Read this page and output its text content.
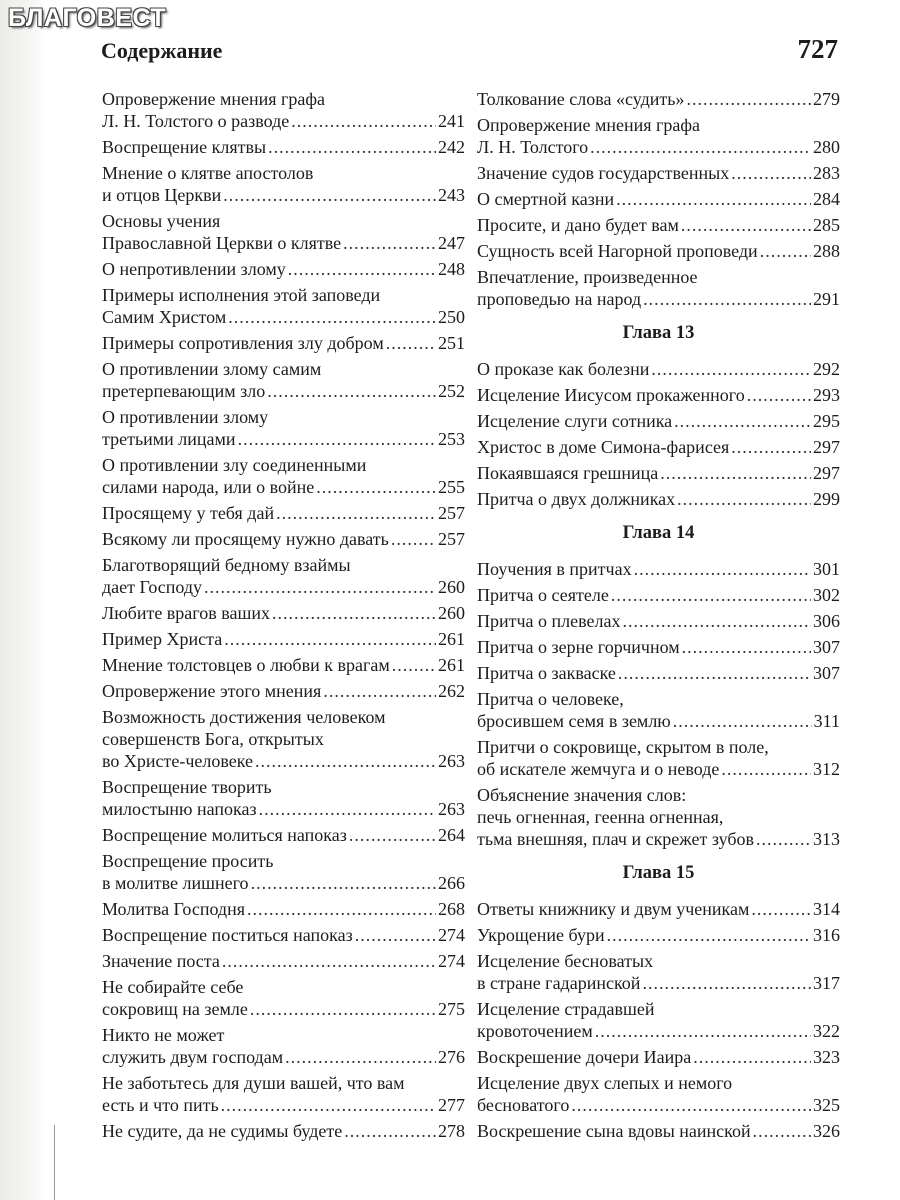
БЛАГОВЕСТ
Содержание	727
Опровержение мнения графа
Л. Н. Толстого о разводе .....	241
Воспрещение клятвы .....	242
Мнение о клятве апостолов
и отцов Церкви .....	243
Основы учения
Православной Церкви о клятве .....	247
О непротивлении злому .....	248
Примеры исполнения этой заповеди
Самим Христом .....	250
Примеры сопротивления злу добром .....	251
О противлении злому самим
претерпевающим зло .....	252
О противлении злому
третьими лицами .....	253
О противлении злу соединенными
силами народа, или о войне .....	255
Просящему у тебя дай .....	257
Всякому ли просящему нужно давать .....	257
Благотворящий бедному взаймы
дает Господу .....	260
Любите врагов ваших .....	260
Пример Христа .....	261
Мнение толстовцев о любви к врагам .....	261
Опровержение этого мнения .....	262
Возможность достижения человеком
совершенств Бога, открытых
во Христе-человеке .....	263
Воспрещение творить
милостыню напоказ .....	263
Воспрещение молиться напоказ .....	264
Воспрещение просить
в молитве лишнего .....	266
Молитва Господня .....	268
Воспрещение поститься напоказ .....	274
Значение поста .....	274
Не собирайте себе
сокровищ на земле .....	275
Никто не может
служить двум господам .....	276
Не заботьтесь для души вашей, что вам
есть и что пить .....	277
Не судите, да не судимы будете .....	278
Толкование слова «судить» .....	279
Опровержение мнения графа
Л. Н. Толстого .....	280
Значение судов государственных .....	283
О смертной казни .....	284
Просите, и дано будет вам .....	285
Сущность всей Нагорной проповеди .....	288
Впечатление, произведенное
проповедью на народ .....	291
Глава 13
О проказе как болезни .....	292
Исцеление Иисусом прокаженного .....	293
Исцеление слуги сотника .....	295
Христос в доме Симона-фарисея .....	297
Покаявшаяся грешница .....	297
Притча о двух должниках .....	299
Глава 14
Поучения в притчах .....	301
Притча о сеятеле .....	302
Притча о плевелах .....	306
Притча о зерне горчичном .....	307
Притча о закваске .....	307
Притча о человеке,
бросившем семя в землю .....	311
Притчи о сокровище, скрытом в поле,
об искателе жемчуга и о неводе .....	312
Объяснение значения слов:
печь огненная, геенна огненная,
тьма внешняя, плач и скрежет зубов .....	313
Глава 15
Ответы книжнику и двум ученикам .....	314
Укрощение бури .....	316
Исцеление бесноватых
в стране гадаринской .....	317
Исцеление страдавшей
кровоточением .....	322
Воскрешение дочери Иаира .....	323
Исцеление двух слепых и немого
бесноватого .....	325
Воскрешение сына вдовы наинской .....	326
